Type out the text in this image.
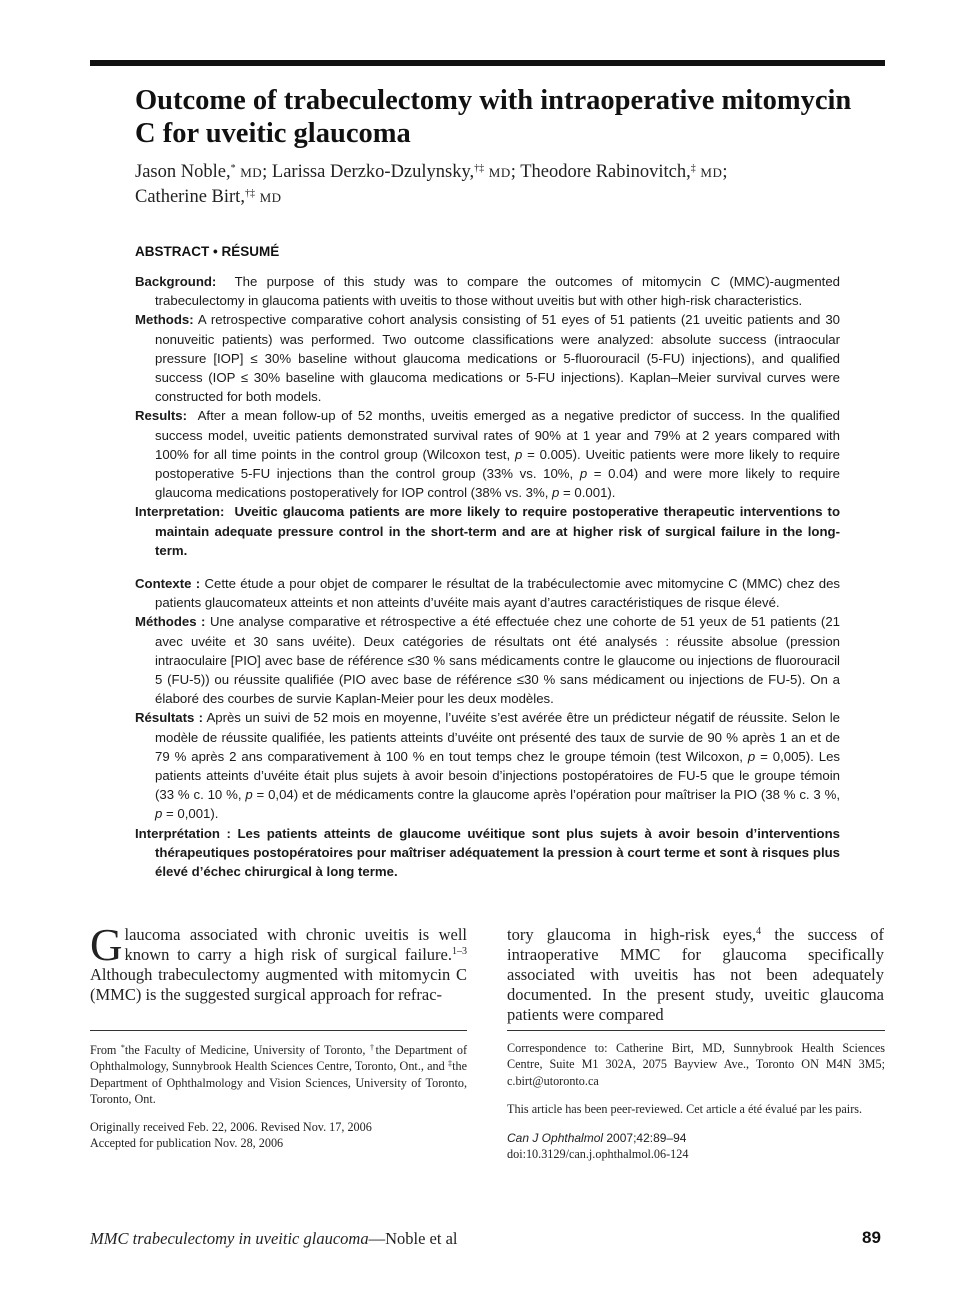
Outcome of trabeculectomy with intraoperative mitomycin C for uveitic glaucoma
Jason Noble,* MD; Larissa Derzko-Dzulynsky,†‡ MD; Theodore Rabinovitch,‡ MD;
Catherine Birt,†‡ MD
ABSTRACT • RÉSUMÉ

Background: The purpose of this study was to compare the outcomes of mitomycin C (MMC)-augmented trabeculectomy in glaucoma patients with uveitis to those without uveitis but with other high-risk characteristics.

Methods: A retrospective comparative cohort analysis consisting of 51 eyes of 51 patients (21 uveitic patients and 30 nonuveitic patients) was performed. Two outcome classifications were analyzed: absolute success (intraocular pressure [IOP] ≤ 30% baseline without glaucoma medications or 5-fluorouracil (5-FU) injections), and qualified success (IOP ≤ 30% baseline with glaucoma medications or 5-FU injections). Kaplan–Meier survival curves were constructed for both models.

Results: After a mean follow-up of 52 months, uveitis emerged as a negative predictor of success. In the qualified success model, uveitic patients demonstrated survival rates of 90% at 1 year and 79% at 2 years compared with 100% for all time points in the control group (Wilcoxon test, p = 0.005). Uveitic patients were more likely to require postoperative 5-FU injections than the control group (33% vs. 10%, p = 0.04) and were more likely to require glaucoma medications postoperatively for IOP control (38% vs. 3%, p = 0.001).

Interpretation: Uveitic glaucoma patients are more likely to require postoperative therapeutic interventions to maintain adequate pressure control in the short-term and are at higher risk of surgical failure in the long-term.

Contexte : Cette étude a pour objet de comparer le résultat de la trabéculectomie avec mitomycine C (MMC) chez des patients glaucomateux atteints et non atteints d’uvéite mais ayant d’autres caractéristiques de risque élevé.

Méthodes : Une analyse comparative et rétrospective a été effectuée chez une cohorte de 51 yeux de 51 patients (21 avec uvéite et 30 sans uvéite). Deux catégories de résultats ont été analysés : réussite absolue (pression intraoculaire [PIO] avec base de référence ≤30 % sans médicaments contre le glaucome ou injections de fluorouracil 5 (FU-5)) ou réussite qualifiée (PIO avec base de référence ≤30 % sans médicament ou injections de FU-5). On a élaboré des courbes de survie Kaplan-Meier pour les deux modèles.

Résultats : Après un suivi de 52 mois en moyenne, l’uvéite s’est avérée être un prédicteur négatif de réussite. Selon le modèle de réussite qualifiée, les patients atteints d’uvéite ont présenté des taux de survie de 90 % après 1 an et de 79 % après 2 ans comparativement à 100 % en tout temps chez le groupe témoin (test Wilcoxon, p = 0,005). Les patients atteints d’uvéite était plus sujets à avoir besoin d’injections postopératoires de FU-5 que le groupe témoin (33 % c. 10 %, p = 0,04) et de médicaments contre la glaucome après l’opération pour maîtriser la PIO (38 % c. 3 %, p = 0,001).

Interprétation : Les patients atteints de glaucome uvéitique sont plus sujets à avoir besoin d’interventions thérapeutiques postopératoires pour maîtriser adéquatement la pression à court terme et sont à risques plus élevé d’échec chirurgical à long terme.

Glaucoma associated with chronic uveitis is well known to carry a high risk of surgical failure.$^{1-3}$ Although trabeculectomy augmented with mitomycin C (MMC) is the suggested surgical approach for refrac-
tory glaucoma in high-risk eyes,$^4$ the success of intraoperative MMC for glaucoma specifically associated with uveitis has not been adequately documented. In the present study, uveitic glaucoma patients were compared
From *the Faculty of Medicine, University of Toronto, †the Department of Ophthalmology, Sunnybrook Health Sciences Centre, Toronto, Ont., and ‡the Department of Ophthalmology and Vision Sciences, University of Toronto, Toronto, Ont.
Originally received Feb. 22, 2006. Revised Nov. 17, 2006
Accepted for publication Nov. 28, 2006
Correspondence to: Catherine Birt, MD, Sunnybrook Health Sciences Centre, Suite M1 302A, 2075 Bayview Ave., Toronto ON M4N 3M5; c.birt@utoronto.ca
This article has been peer-reviewed. Cet article a été évalué par les pairs.
Can J Ophthalmol 2007;42:89–94
doi:10.3129/can.j.ophthalmol.06-124
MMC trabeculectomy in uveitic glaucoma—Noble et al	89
